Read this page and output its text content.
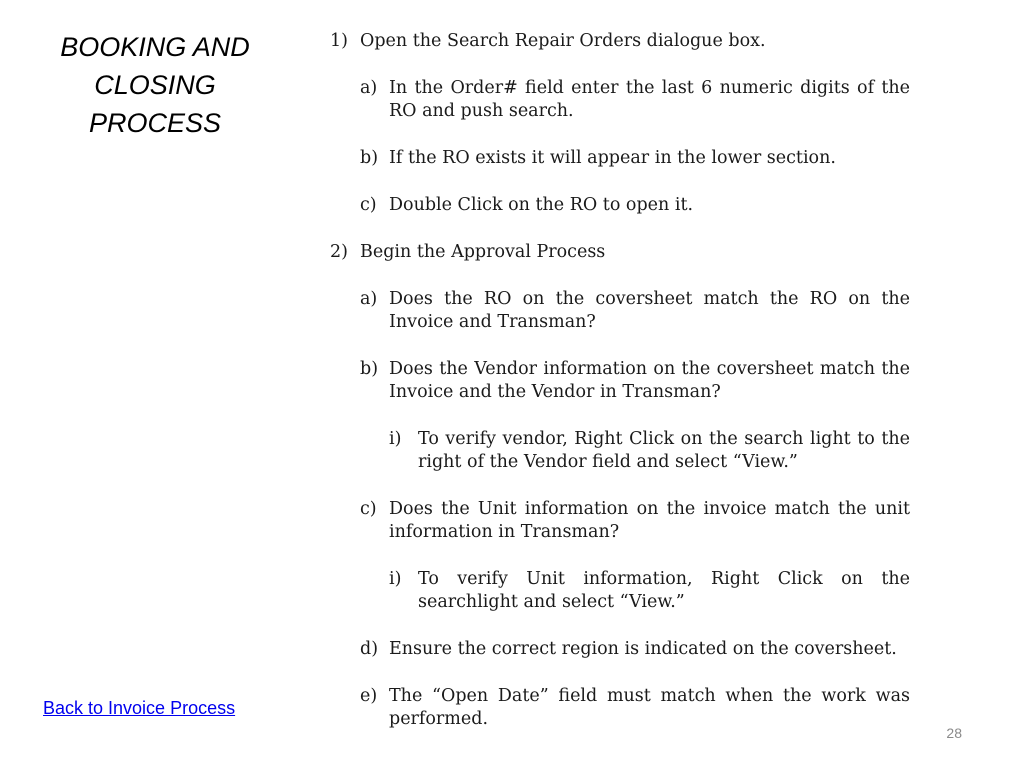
BOOKING AND
CLOSING
PROCESS
1) Open the Search Repair Orders dialogue box.
a) In the Order# field enter the last 6 numeric digits of the RO and push search.
b) If the RO exists it will appear in the lower section.
c) Double Click on the RO to open it.
2) Begin the Approval Process
a) Does the RO on the coversheet match the RO on the Invoice and Transman?
b) Does the Vendor information on the coversheet match the Invoice and the Vendor in Transman?
i) To verify vendor, Right Click on the search light to the right of the Vendor field and select “View.”
c) Does the Unit information on the invoice match the unit information in Transman?
i) To verify Unit information, Right Click on the searchlight and select “View.”
d) Ensure the correct region is indicated on the coversheet.
e) The “Open Date” field must match when the work was performed.
Back to Invoice Process
28
